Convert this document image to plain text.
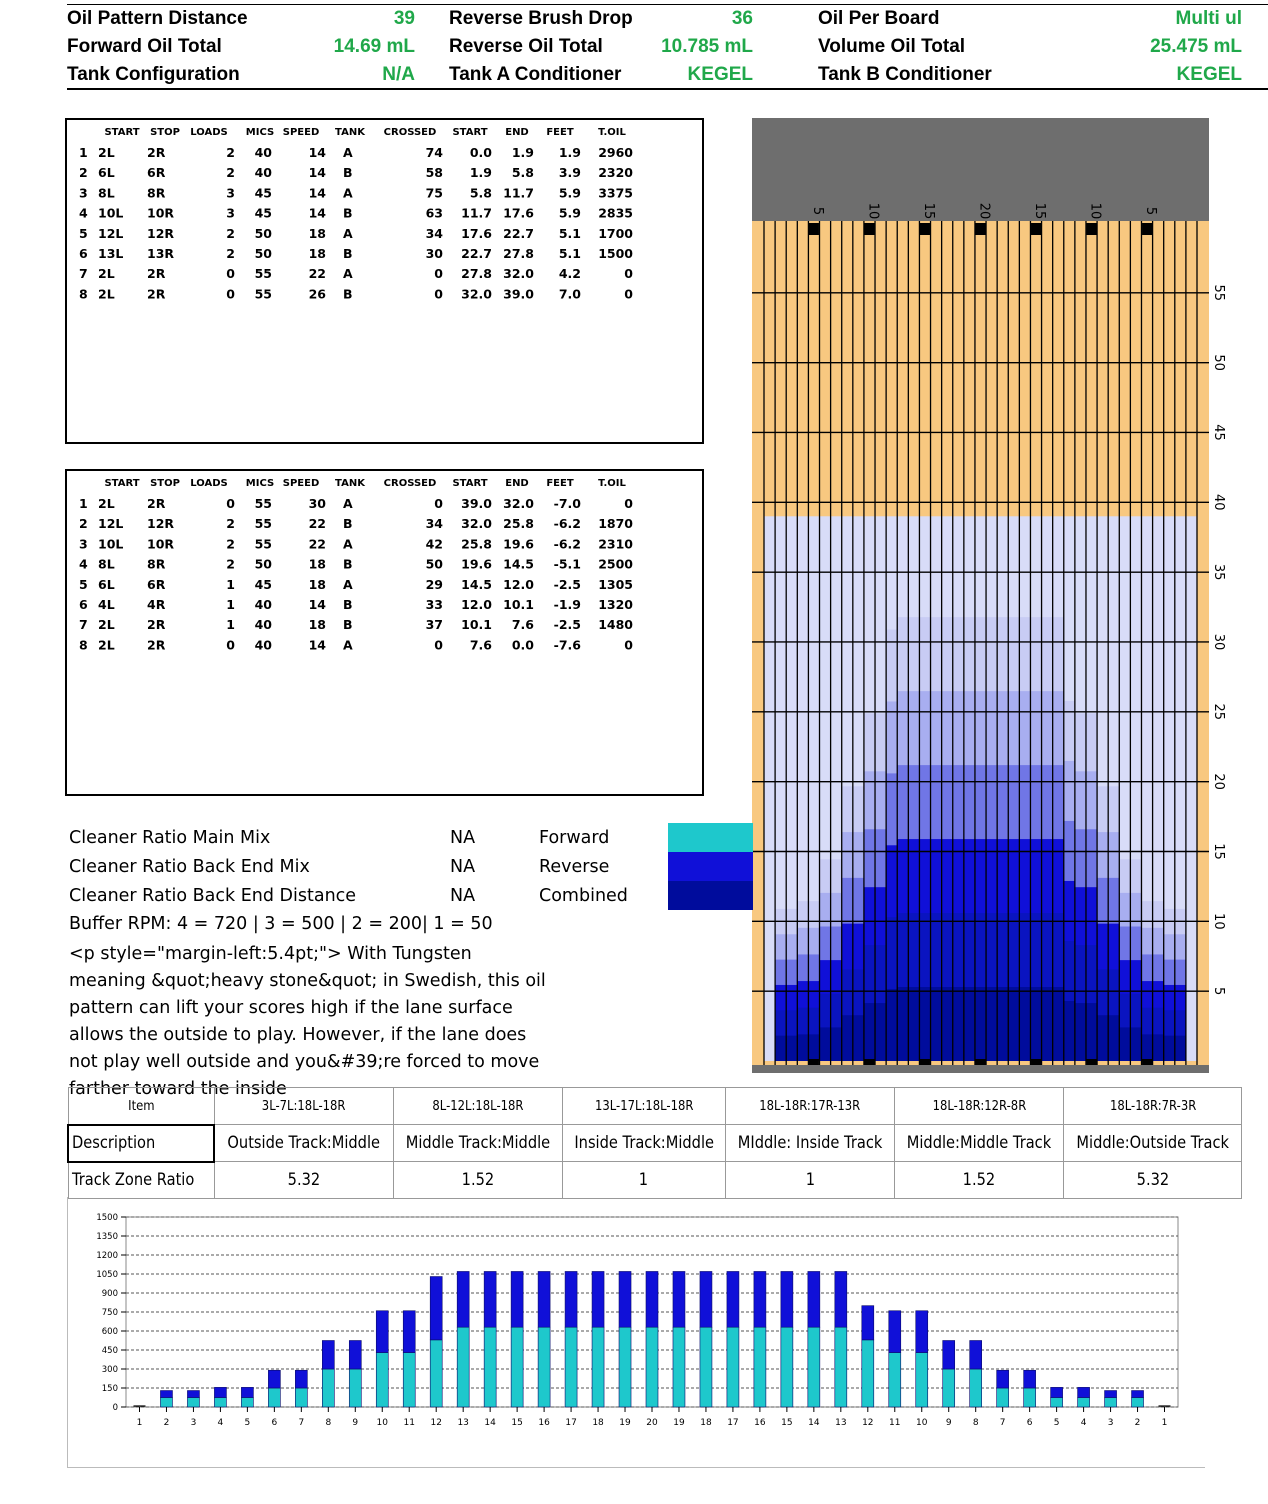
Oil Pattern Distance	39
Forward Oil Total	14.69 mL
Tank Configuration	N/A
Reverse Brush Drop	36
Reverse Oil Total	10.785 mL
Tank A Conditioner	KEGEL
Oil Per Board	Multi ul
Volume Oil Total	25.475 mL
Tank B Conditioner	KEGEL
START STOP LOADS MICS SPEED TANK CROSSED START END FEET T.OIL
1 2L	2R	2 40	14 A	74 0.0 1.9 1.9 2960
2 6L	6R	2 40	14 B	58 1.9 5.8 3.9 2320
3 8L	8R	3 45	14 A	75 5.8 11.7 5.9 3375
4 10L 10R	3 45	14 B	63 11.7 17.6 5.9 2835
5 12L 12R	2 50	18 A	34 17.6 22.7 5.1 1700
6 13L 13R	2 50	18 B	30 22.7 27.8 5.1 1500
7 2L	2R	0 55	22 A	0 27.8 32.0 4.2	0
8 2L	2R	0 55	26 B	0 32.0 39.0 7.0	0
START STOP LOADS MICS SPEED TANK CROSSED START END FEET T.OIL
1 2L	2R	0 55	30 A	0 39.0 32.0 -7.0	0
2 12L 12R	2 55	22 B	34 32.0 25.8 -6.2 1870
3 10L 10R	2 55	22 A	42 25.8 19.6 -6.2 2310
4 8L	8R	2 50	18 B	50 19.6 14.5 -5.1 2500
5 6L	6R	1 45	18 A	29 14.5 12.0 -2.5 1305
6 4L	4R	1 40	14 B	33 12.0 10.1 -1.9 1320
7 2L	2R	1 40	18 B	37 10.1 7.6 -2.5 1480
8 2L	2R	0 40	14 A	0 7.6 0.0 -7.6	0
55
50
45
40
35
30
25
20
15
10
5
5	10	15	20	15	10	5
Cleaner Ratio Main Mix
Cleaner Ratio Back End Mix
Cleaner Ratio Back End Distance
NA
NA
NA
Forward
Reverse
Combined
Buffer RPM: 4 = 720 | 3 = 500 | 2 = 200| 1 = 50
<p style="margin-left:5.4pt;"> With Tungsten meaning &quot;heavy stone&quot; in Swedish, this oil pattern can lift your scores high if the lane surface allows the outside to play. However, if the lane does not play well outside and you&#39;re forced to move farther toward the inside
Item	3L-7L:18L-18R	8L-12L:18L-18R	13L-17L:18L-18R	18L-18R:17R-13R	18L-18R:12R-8R	18L-18R:7R-3R
Description	Outside Track:Middle	Middle Track:Middle	Inside Track:Middle	MIddle: Inside Track	Middle:Middle Track	Middle:Outside Track
Track Zone Ratio	5.32	1.52	1	1	1.52	5.32
0
150
300
450
600
750
900
1050
1200
1350
1500
1 2 3 4 5 6 7 8 9 10 11 12 13 14 15 16 17 18 19 20 19 18 17 16 15 14 13 12 11 10 9 8 7 6 5 4 3 2 1
